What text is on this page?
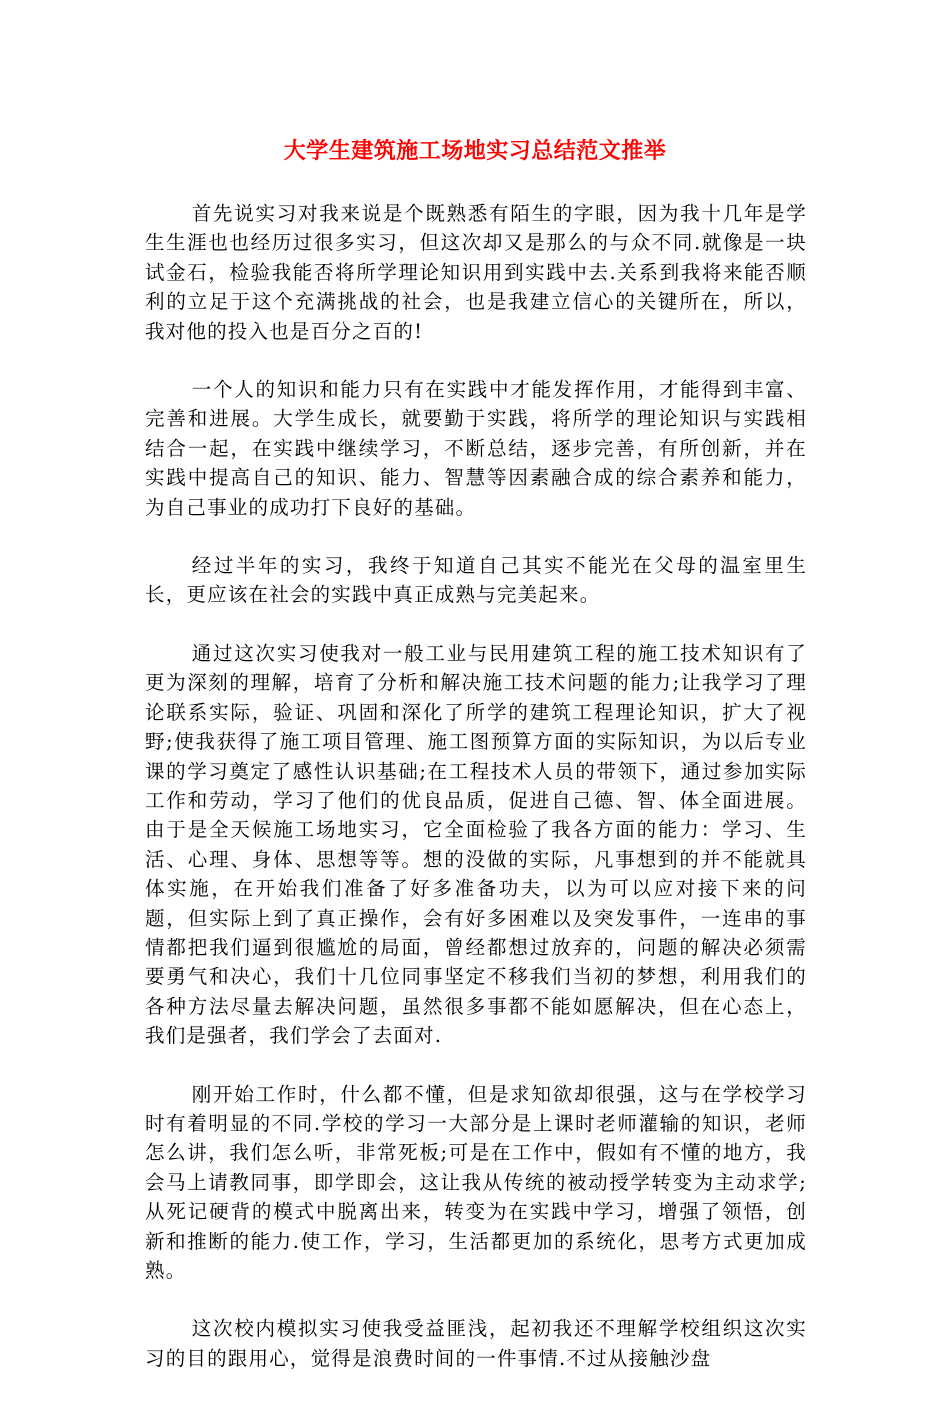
大学生建筑施工场地实习总结范文推举

首先说实习对我来说是个既熟悉有陌生的字眼，因为我十几年是学生生涯也也经历过很多实习，但这次却又是那么的与众不同.就像是一块试金石，检验我能否将所学理论知识用到实践中去.关系到我将来能否顺利的立足于这个充满挑战的社会，也是我建立信心的关键所在，所以，我对他的投入也是百分之百的!

一个人的知识和能力只有在实践中才能发挥作用，才能得到丰富、完善和进展。大学生成长，就要勤于实践，将所学的理论知识与实践相结合一起，在实践中继续学习，不断总结，逐步完善，有所创新，并在实践中提高自己的知识、能力、智慧等因素融合成的综合素养和能力，为自己事业的成功打下良好的基础。

经过半年的实习，我终于知道自己其实不能光在父母的温室里生长，更应该在社会的实践中真正成熟与完美起来。

通过这次实习使我对一般工业与民用建筑工程的施工技术知识有了更为深刻的理解，培育了分析和解决施工技术问题的能力;让我学习了理论联系实际，验证、巩固和深化了所学的建筑工程理论知识，扩大了视野;使我获得了施工项目管理、施工图预算方面的实际知识，为以后专业课的学习奠定了感性认识基础;在工程技术人员的带领下，通过参加实际工作和劳动，学习了他们的优良品质，促进自己德、智、体全面进展。由于是全天候施工场地实习，它全面检验了我各方面的能力：学习、生活、心理、身体、思想等等。想的没做的实际，凡事想到的并不能就具体实施，在开始我们准备了好多准备功夫，以为可以应对接下来的问题，但实际上到了真正操作，会有好多困难以及突发事件，一连串的事情都把我们逼到很尴尬的局面，曾经都想过放弃的，问题的解决必须需要勇气和决心，我们十几位同事坚定不移我们当初的梦想，利用我们的各种方法尽量去解决问题，虽然很多事都不能如愿解决，但在心态上，我们是强者，我们学会了去面对.

刚开始工作时，什么都不懂，但是求知欲却很强，这与在学校学习时有着明显的不同.学校的学习一大部分是上课时老师灌输的知识，老师怎么讲，我们怎么听，非常死板;可是在工作中，假如有不懂的地方，我会马上请教同事，即学即会，这让我从传统的被动授学转变为主动求学;从死记硬背的模式中脱离出来，转变为在实践中学习，增强了领悟，创新和推断的能力.使工作，学习，生活都更加的系统化，思考方式更加成熟。

这次校内模拟实习使我受益匪浅，起初我还不理解学校组织这次实习的目的跟用心，觉得是浪费时间的一件事情.不过从接触沙盘
